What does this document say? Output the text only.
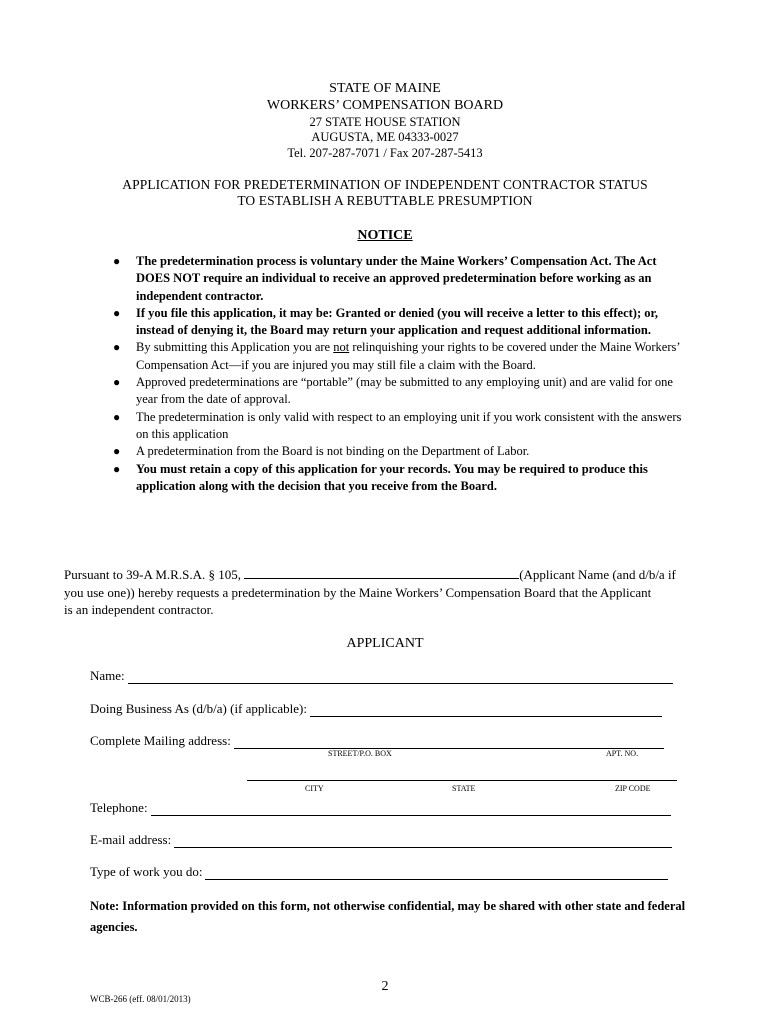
STATE OF MAINE
WORKERS’ COMPENSATION BOARD
27 STATE HOUSE STATION
AUGUSTA, ME 04333-0027
Tel. 207-287-7071 / Fax 207-287-5413
APPLICATION FOR PREDETERMINATION OF INDEPENDENT CONTRACTOR STATUS
TO ESTABLISH A REBUTTABLE PRESUMPTION
NOTICE
● The predetermination process is voluntary under the Maine Workers’ Compensation Act. The Act DOES NOT require an individual to receive an approved predetermination before working as an independent contractor.
● If you file this application, it may be: Granted or denied (you will receive a letter to this effect); or, instead of denying it, the Board may return your application and request additional information.
● By submitting this Application you are not relinquishing your rights to be covered under the Maine Workers’ Compensation Act—if you are injured you may still file a claim with the Board.
● Approved predeterminations are “portable” (may be submitted to any employing unit) and are valid for one year from the date of approval.
● The predetermination is only valid with respect to an employing unit if you work consistent with the answers on this application
● A predetermination from the Board is not binding on the Department of Labor.
● You must retain a copy of this application for your records. You may be required to produce this application along with the decision that you receive from the Board.
Pursuant to 39-A M.R.S.A. § 105,	(Applicant Name (and d/b/a if
you use one)) hereby requests a predetermination by the Maine Workers’ Compensation Board that the Applicant
is an independent contractor.
APPLICANT
Name:
Doing Business As (d/b/a) (if applicable):
Complete Mailing address:
STREET/P.O. BOX	APT. NO.
CITY	STATE	ZIP CODE
Telephone:
E-mail address:
Type of work you do:
Note: Information provided on this form, not otherwise confidential, may be shared with other state and federal agencies.
2
WCB-266 (eff. 08/01/2013)
